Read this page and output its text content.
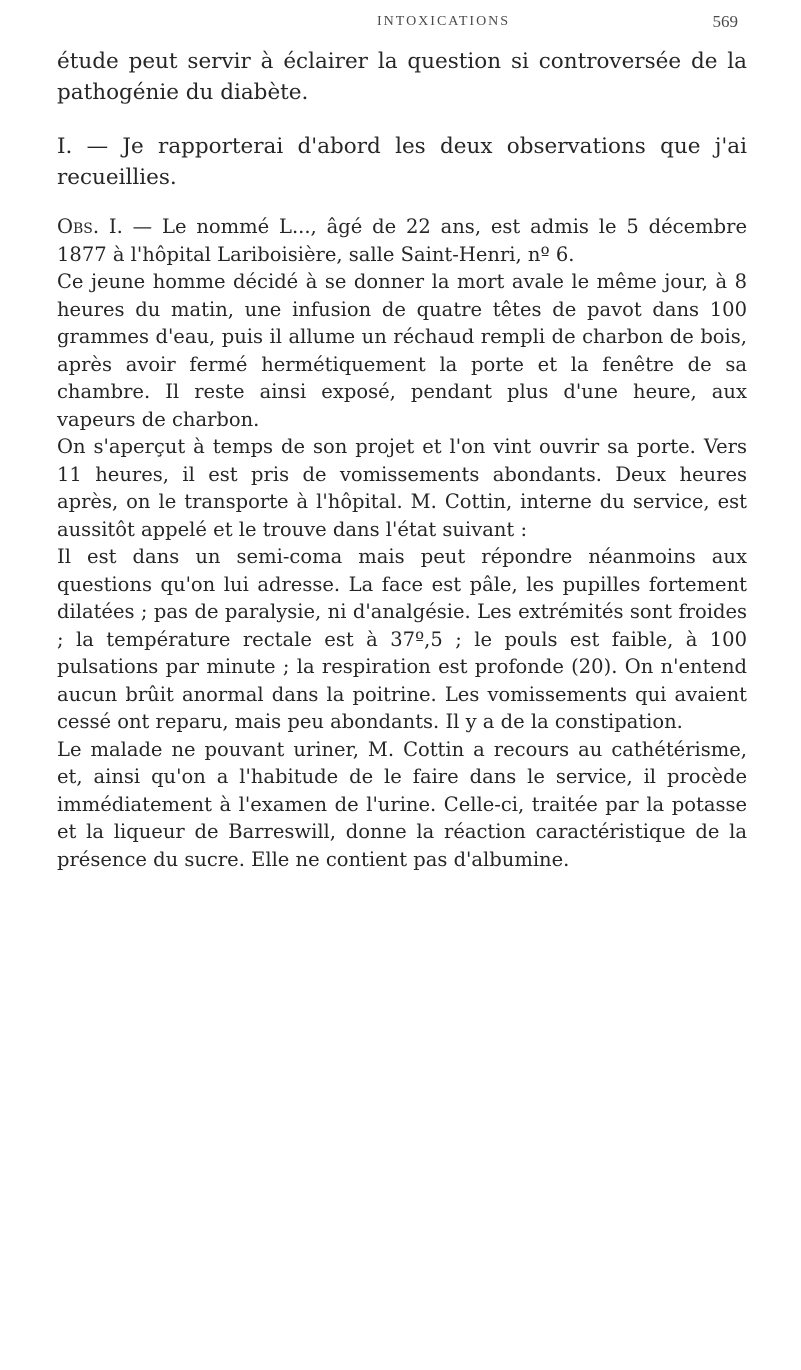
INTOXICATIONS	569

étude peut servir à éclairer la question si controversée de la pathogénie du diabète.

I. — Je rapporterai d'abord les deux observations que j'ai recueillies.

Obs. I. — Le nommé L..., âgé de 22 ans, est admis le 5 décembre 1877 à l'hôpital Lariboisière, salle Saint-Henri, nº 6.

Ce jeune homme décidé à se donner la mort avale le même jour, à 8 heures du matin, une infusion de quatre têtes de pavot dans 100 grammes d'eau, puis il allume un réchaud rempli de charbon de bois, après avoir fermé hermétiquement la porte et la fenêtre de sa chambre. Il reste ainsi exposé, pendant plus d'une heure, aux vapeurs de charbon.

On s'aperçut à temps de son projet et l'on vint ouvrir sa porte. Vers 11 heures, il est pris de vomissements abondants. Deux heures après, on le transporte à l'hôpital. M. Cottin, interne du service, est aussitôt appelé et le trouve dans l'état suivant :

Il est dans un semi-coma mais peut répondre néanmoins aux questions qu'on lui adresse. La face est pâle, les pupilles fortement dilatées ; pas de paralysie, ni d'analgésie. Les extrémités sont froides ; la température rectale est à 37º,5 ; le pouls est faible, à 100 pulsations par minute ; la respiration est profonde (20). On n'entend aucun brûit anormal dans la poitrine. Les vomissements qui avaient cessé ont reparu, mais peu abondants. Il y a de la constipation.

Le malade ne pouvant uriner, M. Cottin a recours au cathétérisme, et, ainsi qu'on a l'habitude de le faire dans le service, il procède immédiatement à l'examen de l'urine. Celle-ci, traitée par la potasse et la liqueur de Barreswill, donne la réaction caractéristique de la présence du sucre. Elle ne contient pas d'albumine.
